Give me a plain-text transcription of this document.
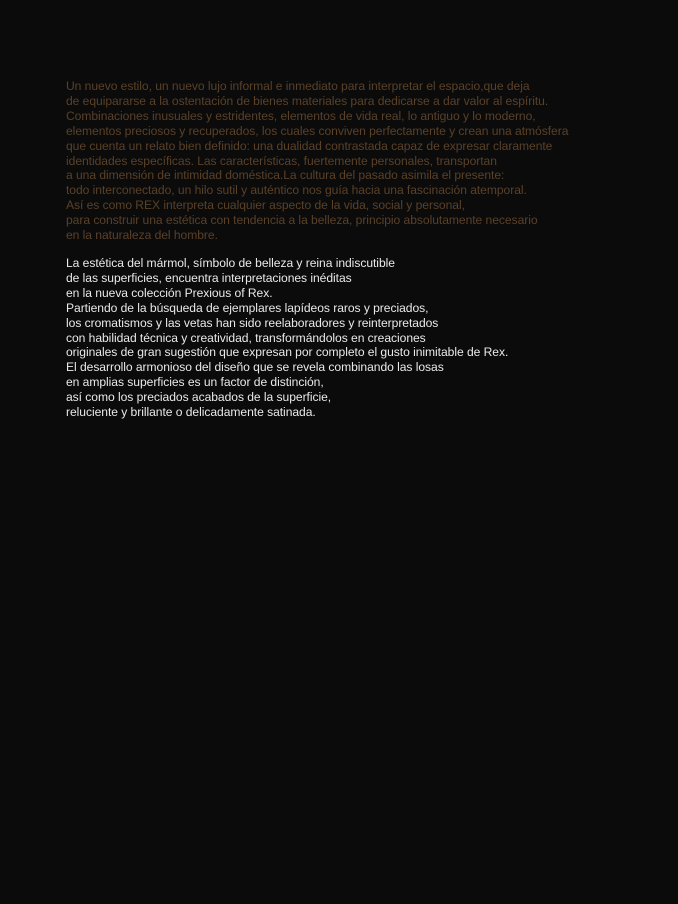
Un nuevo estilo, un nuevo lujo informal e inmediato para interpretar el espacio,que deja
de equipararse a la ostentación de bienes materiales para dedicarse a dar valor al espíritu.
Combinaciones inusuales y estridentes, elementos de vida real, lo antiguo y lo moderno,
elementos preciosos y recuperados, los cuales conviven perfectamente y crean una atmósfera
que cuenta un relato bien definido: una dualidad contrastada capaz de expresar claramente
identidades específicas. Las características, fuertemente personales, transportan
a una dimensión de intimidad doméstica.La cultura del pasado asimila el presente:
todo interconectado, un hilo sutil y auténtico nos guía hacia una fascinación atemporal.
Así es como REX interpreta cualquier aspecto de la vida, social y personal,
para construir una estética con tendencia a la belleza, principio absolutamente necesario
en la naturaleza del hombre.
La estética del mármol, símbolo de belleza y reina indiscutible
de las superficies, encuentra interpretaciones inéditas
en la nueva colección Prexious of Rex.
Partiendo de la búsqueda de ejemplares lapídeos raros y preciados,
los cromatismos y las vetas han sido reelaboradores y reinterpretados
con habilidad técnica y creatividad, transformándolos en creaciones
originales de gran sugestión que expresan por completo el gusto inimitable de Rex.
El desarrollo armonioso del diseño que se revela combinando las losas
en amplias superficies es un factor de distinción,
así como los preciados acabados de la superficie,
reluciente y brillante o delicadamente satinada.
